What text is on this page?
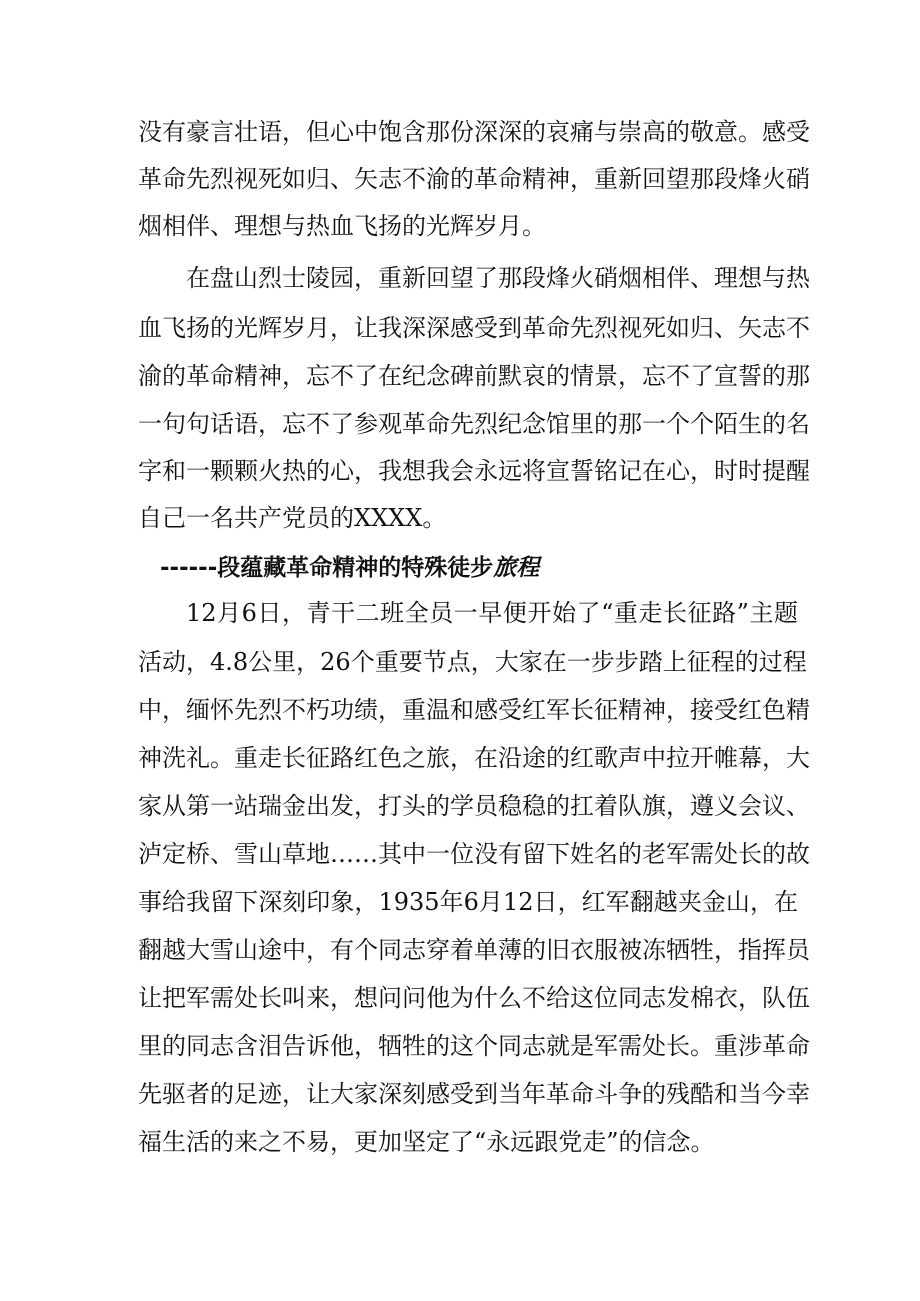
没有豪言壮语，但心中饱含那份深深的哀痛与崇高的敬意。感受
革命先烈视死如归、矢志不渝的革命精神，重新回望那段烽火硝
烟相伴、理想与热血飞扬的光辉岁月。
在盘山烈士陵园，重新回望了那段烽火硝烟相伴、理想与热
血飞扬的光辉岁月，让我深深感受到革命先烈视死如归、矢志不
渝的革命精神，忘不了在纪念碑前默哀的情景，忘不了宣誓的那
一句句话语，忘不了参观革命先烈纪念馆里的那一个个陌生的名
字和一颗颗火热的心，我想我会永远将宣誓铭记在心，时时提醒
自己一名共产党员的XXXX。
------段蕴藏革命精神的特殊徒步旅程
12月6日，青干二班全员一早便开始了“重走长征路”主题
活动，4.8公里，26个重要节点，大家在一步步踏上征程的过程
中，缅怀先烈不朽功绩，重温和感受红军长征精神，接受红色精
神洗礼。重走长征路红色之旅，在沿途的红歌声中拉开帷幕，大
家从第一站瑞金出发，打头的学员稳稳的扛着队旗，遵义会议、
泸定桥、雪山草地……其中一位没有留下姓名的老军需处长的故
事给我留下深刻印象，1935年6月12日，红军翻越夹金山，在
翻越大雪山途中，有个同志穿着单薄的旧衣服被冻牺牲，指挥员
让把军需处长叫来，想问问他为什么不给这位同志发棉衣，队伍
里的同志含泪告诉他，牺牲的这个同志就是军需处长。重涉革命
先驱者的足迹，让大家深刻感受到当年革命斗争的残酷和当今幸
福生活的来之不易，更加坚定了“永远跟党走”的信念。
